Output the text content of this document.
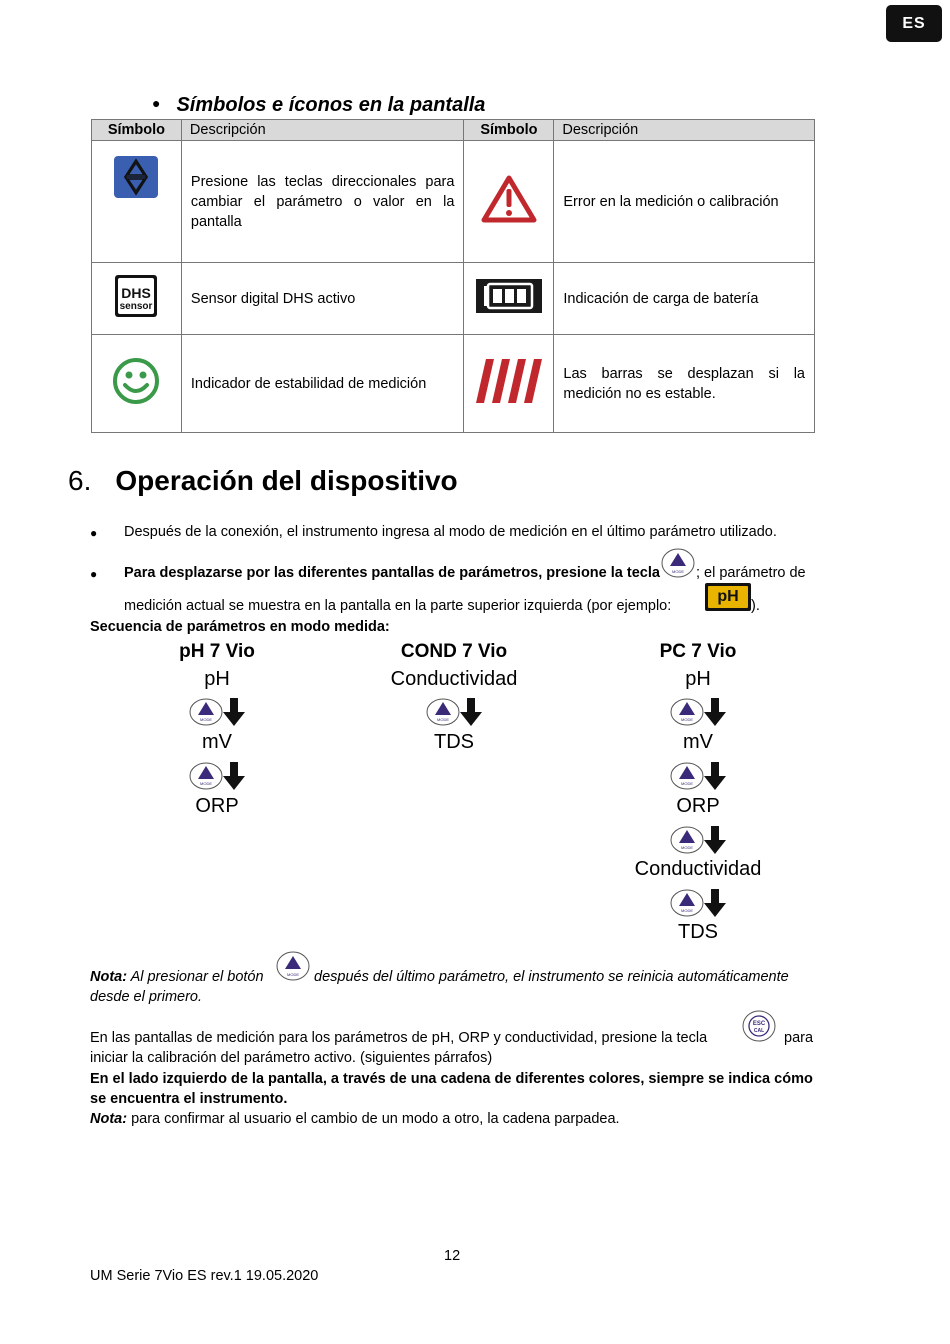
ES
● Símbolos e íconos en la pantalla
Símbolo	Descripción	Símbolo	Descripción
	Presione las teclas direccionales para cambiar el parámetro o valor en la pantalla		Error en la medición o calibración

DHS
sensor	Sensor digital DHS activo		Indicación de carga de batería
	Indicador de estabilidad de medición		Las barras se desplazan si la medición no es estable.
6. Operación del dispositivo
● Después de la conexión, el instrumento ingresa al modo de medición en el último parámetro utilizado.
● Para desplazarse por las diferentes pantallas de parámetros, presione la tecla	MODE ; el parámetro de
medición actual se muestra en la pantalla en la parte superior izquierda (por ejemplo:
pH
).
Secuencia de parámetros en modo medida:
pH 7 Vio	COND 7 Vio	PC 7 Vio
pH
MODE
mV
MODE
ORP
Conductividad
MODE
TDS
pH
MODE
mV
MODE
ORP
MODE
Conductividad
MODE
TDS
Nota: Al presionar el botón	MODE después del último parámetro, el instrumento se reinicia automáticamente
desde el primero.
En las pantallas de medición para los parámetros de pH, ORP y conductividad, presione la tecla
ESC
CAL para
iniciar la calibración del parámetro activo. (siguientes párrafos)
En el lado izquierdo de la pantalla, a través de una cadena de diferentes colores, siempre se indica cómo se encuentra el instrumento.
Nota: para confirmar al usuario el cambio de un modo a otro, la cadena parpadea.
12
UM Serie 7Vio ES rev.1 19.05.2020
